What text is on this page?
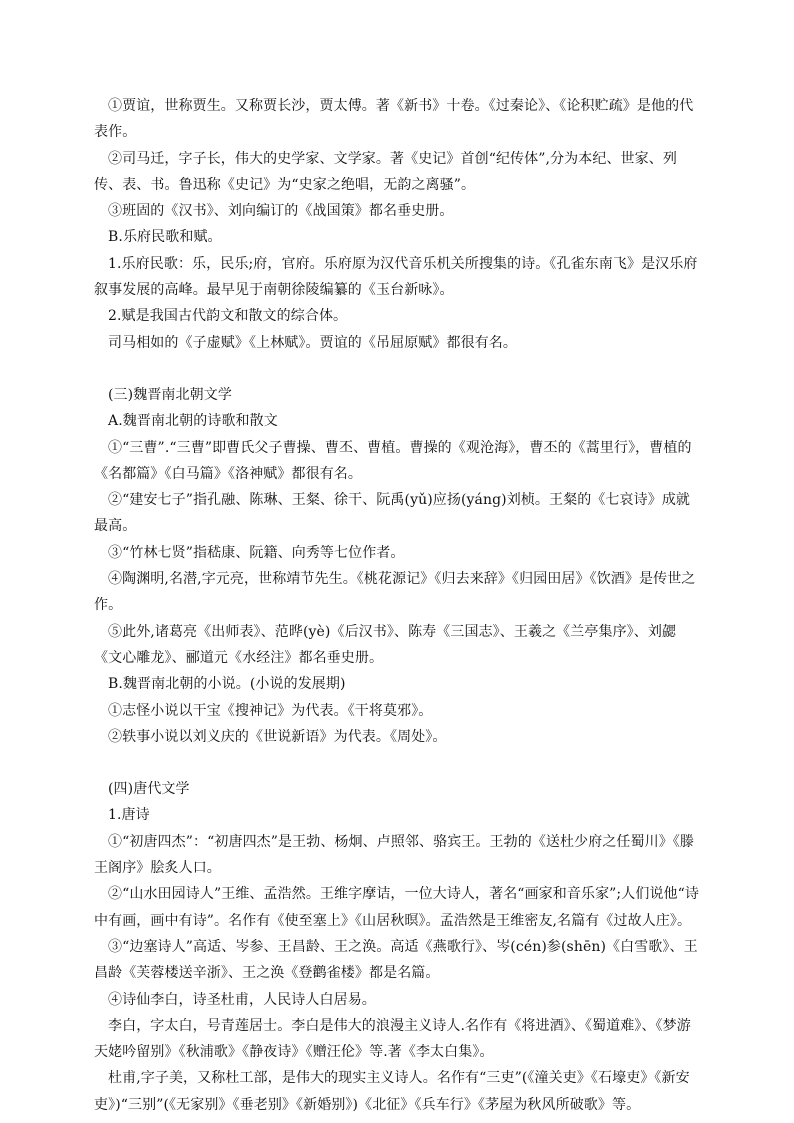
①贾谊，世称贾生。又称贾长沙，贾太傅。著《新书》十卷。《过秦论》、《论积贮疏》是他的代表作。

②司马迁，字子长，伟大的史学家、文学家。著《史记》首创“纪传体”,分为本纪、世家、列传、表、书。鲁迅称《史记》为“史家之绝唱，无韵之离骚”。

③班固的《汉书》、刘向编订的《战国策》都名垂史册。

B.乐府民歌和赋。

1.乐府民歌：乐，民乐;府，官府。乐府原为汉代音乐机关所搜集的诗。《孔雀东南飞》是汉乐府叙事发展的高峰。最早见于南朝徐陵编纂的《玉台新咏》。

2.赋是我国古代韵文和散文的综合体。

司马相如的《子虚赋》《上林赋》。贾谊的《吊屈原赋》都很有名。

(三)魏晋南北朝文学

A.魏晋南北朝的诗歌和散文

①“三曹”.“三曹”即曹氏父子曹操、曹丕、曹植。曹操的《观沧海》，曹丕的《蒿里行》，曹植的《名都篇》《白马篇》《洛神赋》都很有名。

②“建安七子”指孔融、陈琳、王粲、徐干、阮禹(yǔ)应扬(yáng)刘桢。王粲的《七哀诗》成就最高。

③“竹林七贤”指嵇康、阮籍、向秀等七位作者。

④陶渊明,名潜,字元亮，世称靖节先生。《桃花源记》《归去来辞》《归园田居》《饮酒》是传世之作。

⑤此外,诸葛亮《出师表》、范晔(yè)《后汉书》、陈寿《三国志》、王羲之《兰亭集序》、刘勰《文心雕龙》、郦道元《水经注》都名垂史册。

B.魏晋南北朝的小说。(小说的发展期)

①志怪小说以干宝《搜神记》为代表。《干将莫邪》。

②轶事小说以刘义庆的《世说新语》为代表。《周处》。

(四)唐代文学

1.唐诗

①“初唐四杰”：“初唐四杰”是王勃、杨炯、卢照邻、骆宾王。王勃的《送杜少府之任蜀川》《滕王阁序》脍炙人口。

②“山水田园诗人”王维、孟浩然。王维字摩诘，一位大诗人，著名“画家和音乐家”;人们说他“诗中有画，画中有诗”。名作有《使至塞上》《山居秋暝》。孟浩然是王维密友,名篇有《过故人庄》。

③“边塞诗人”高适、岑参、王昌龄、王之涣。高适《燕歌行》、岑(cén)参(shēn)《白雪歌》、王昌龄《芙蓉楼送辛浙》、王之涣《登鹳雀楼》都是名篇。

④诗仙李白，诗圣杜甫，人民诗人白居易。

李白，字太白，号青莲居士。李白是伟大的浪漫主义诗人.名作有《将进酒》、《蜀道难》、《梦游天姥吟留别》《秋浦歌》《静夜诗》《赠汪伦》等.著《李太白集》。

杜甫,字子美，又称杜工部，是伟大的现实主义诗人。名作有“三吏”(《潼关吏》《石壕吏》《新安吏》)“三别”(《无家别》《垂老别》《新婚别》)《北征》《兵车行》《茅屋为秋风所破歌》等。
